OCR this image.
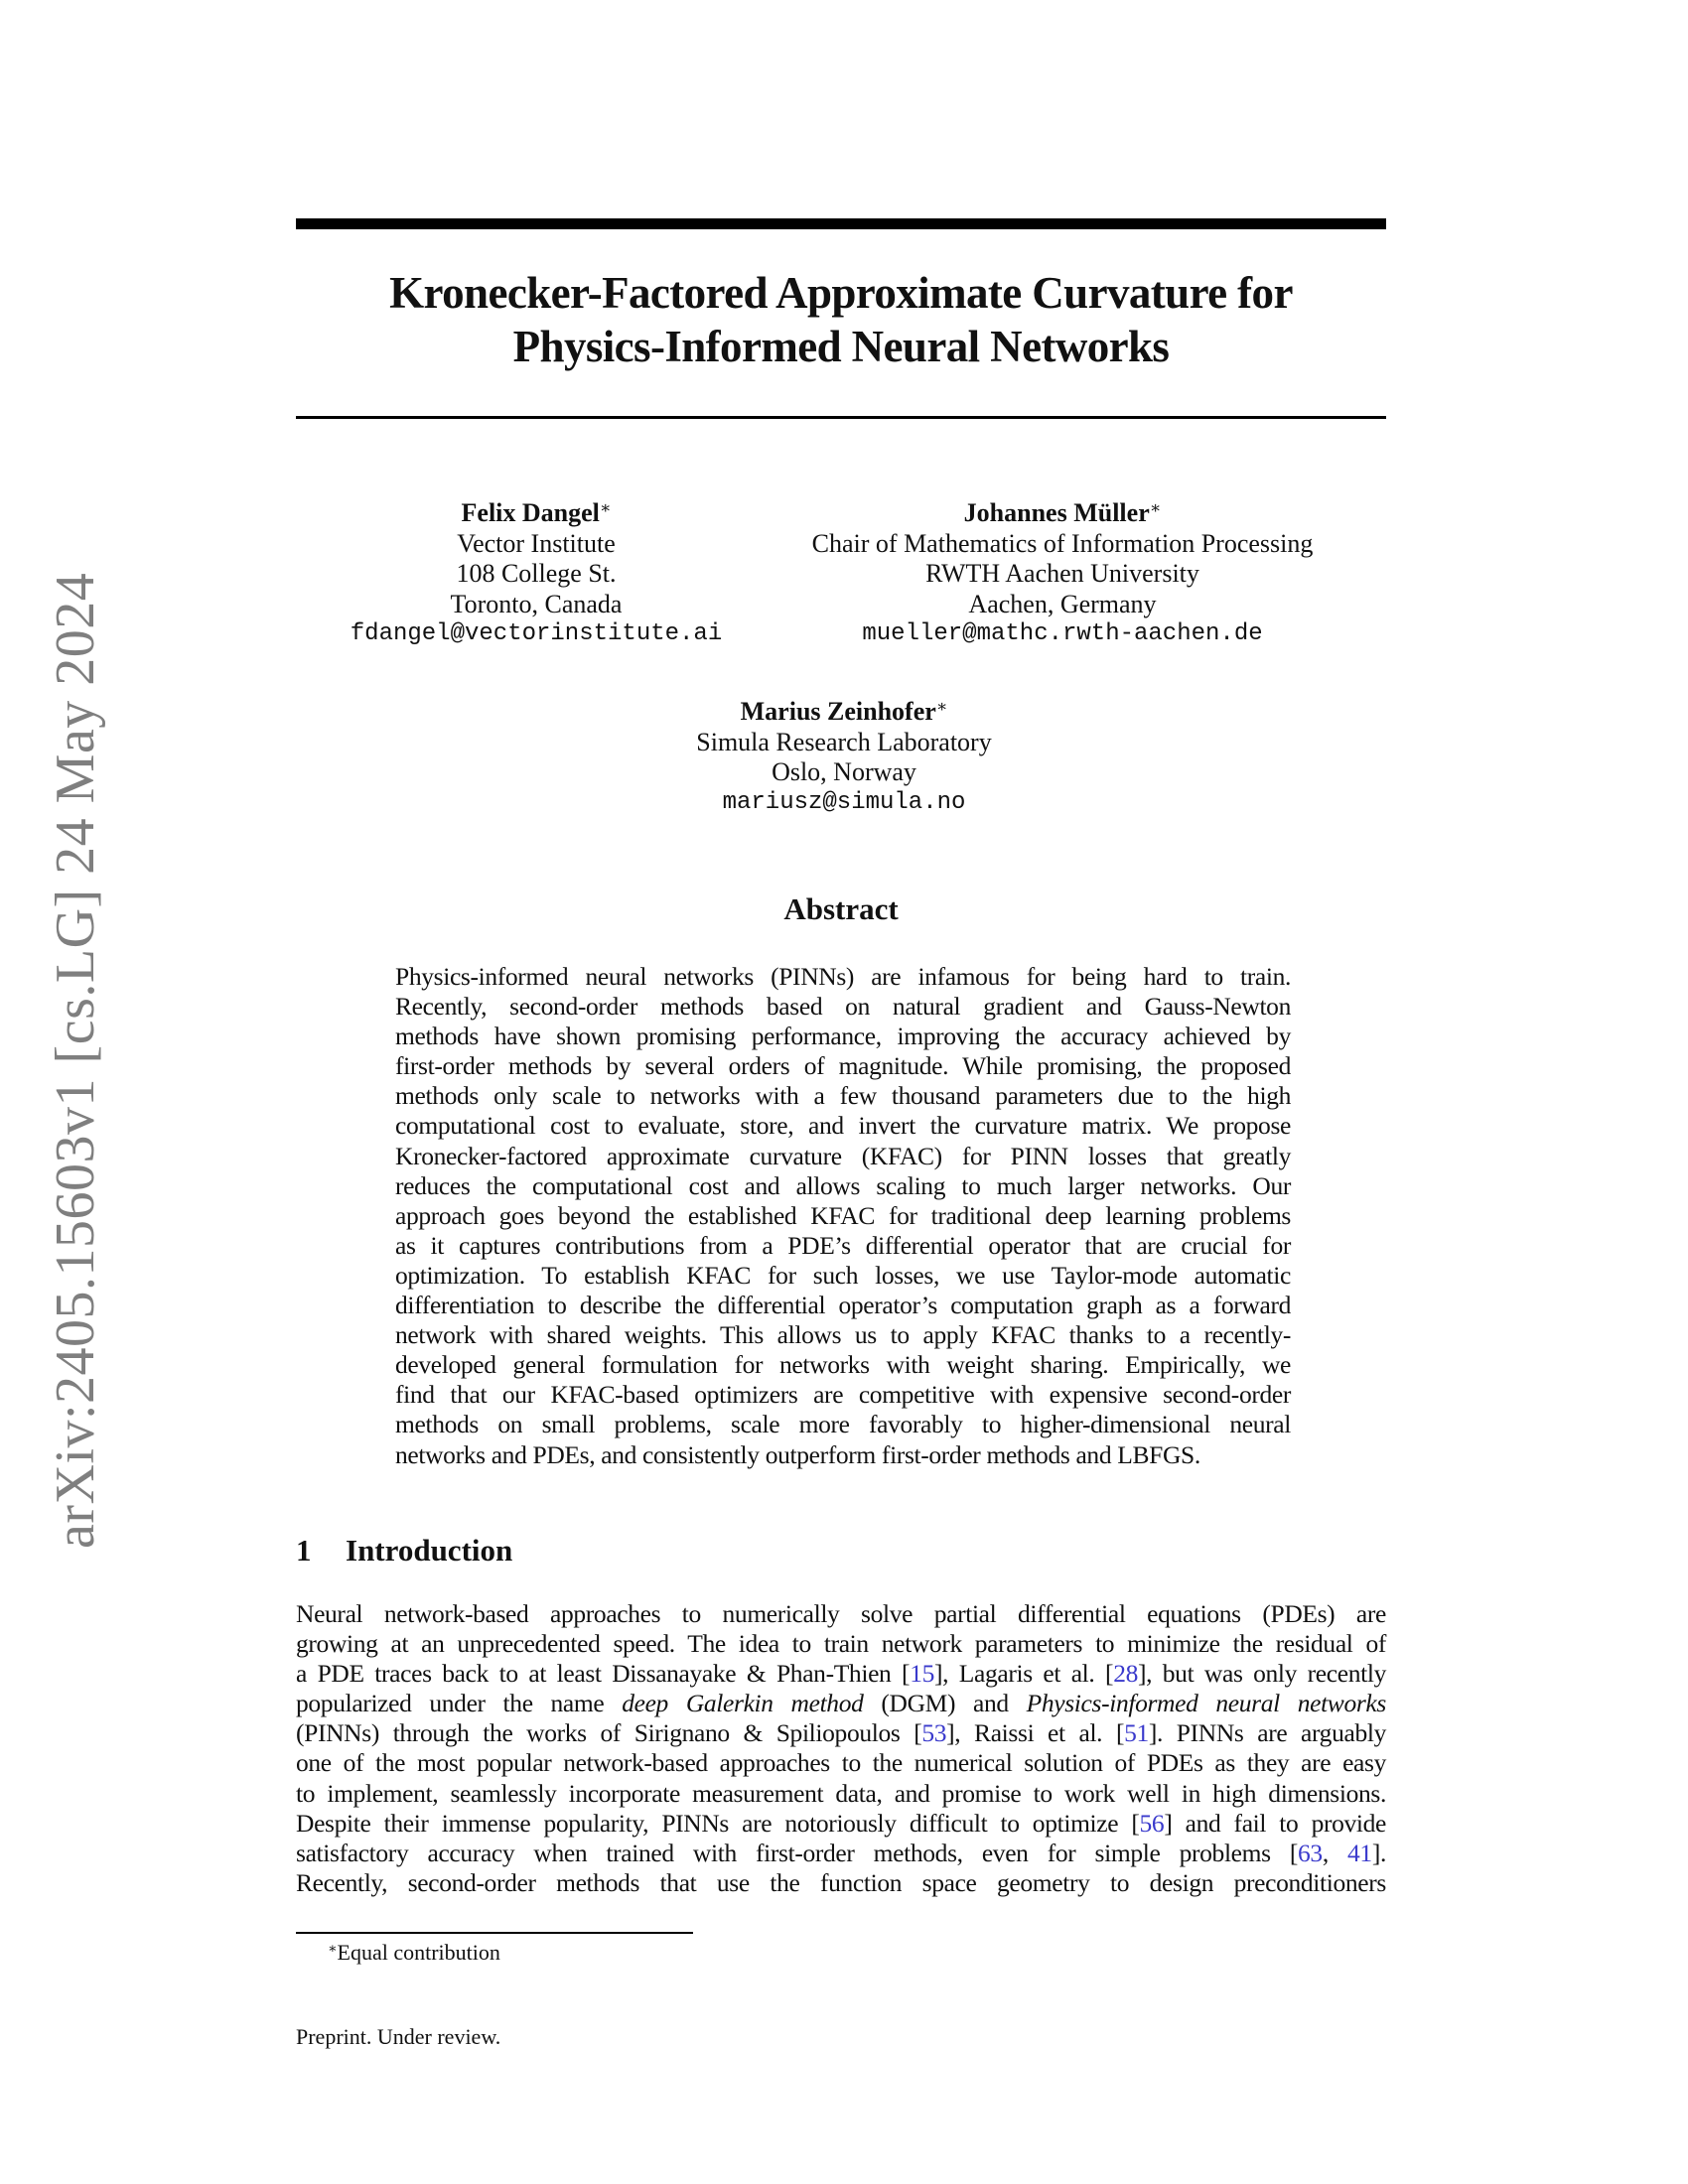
arXiv:2405.15603v1 [cs.LG] 24 May 2024
Kronecker-Factored Approximate Curvature for
Physics-Informed Neural Networks
Felix Dangel∗
Vector Institute
108 College St.
Toronto, Canada
fdangel@vectorinstitute.ai
Johannes Müller∗
Chair of Mathematics of Information Processing
RWTH Aachen University
Aachen, Germany
mueller@mathc.rwth-aachen.de
Marius Zeinhofer∗
Simula Research Laboratory
Oslo, Norway
mariusz@simula.no
Abstract
Physics-informed neural networks (PINNs) are infamous for being hard to train.
Recently, second-order methods based on natural gradient and Gauss-Newton
methods have shown promising performance, improving the accuracy achieved by
first-order methods by several orders of magnitude. While promising, the proposed
methods only scale to networks with a few thousand parameters due to the high
computational cost to evaluate, store, and invert the curvature matrix. We propose
Kronecker-factored approximate curvature (KFAC) for PINN losses that greatly
reduces the computational cost and allows scaling to much larger networks. Our
approach goes beyond the established KFAC for traditional deep learning problems
as it captures contributions from a PDE’s differential operator that are crucial for
optimization. To establish KFAC for such losses, we use Taylor-mode automatic
differentiation to describe the differential operator’s computation graph as a forward
network with shared weights. This allows us to apply KFAC thanks to a recently-
developed general formulation for networks with weight sharing. Empirically, we
find that our KFAC-based optimizers are competitive with expensive second-order
methods on small problems, scale more favorably to higher-dimensional neural
networks and PDEs, and consistently outperform first-order methods and LBFGS.
1 Introduction
Neural network-based approaches to numerically solve partial differential equations (PDEs) are
growing at an unprecedented speed. The idea to train network parameters to minimize the residual of
a PDE traces back to at least Dissanayake & Phan-Thien [15], Lagaris et al. [28], but was only recently
popularized under the name deep Galerkin method (DGM) and Physics-informed neural networks
(PINNs) through the works of Sirignano & Spiliopoulos [53], Raissi et al. [51]. PINNs are arguably
one of the most popular network-based approaches to the numerical solution of PDEs as they are easy
to implement, seamlessly incorporate measurement data, and promise to work well in high dimensions.
Despite their immense popularity, PINNs are notoriously difficult to optimize [56] and fail to provide
satisfactory accuracy when trained with first-order methods, even for simple problems [63, 41].
Recently, second-order methods that use the function space geometry to design preconditioners
∗Equal contribution
Preprint. Under review.
